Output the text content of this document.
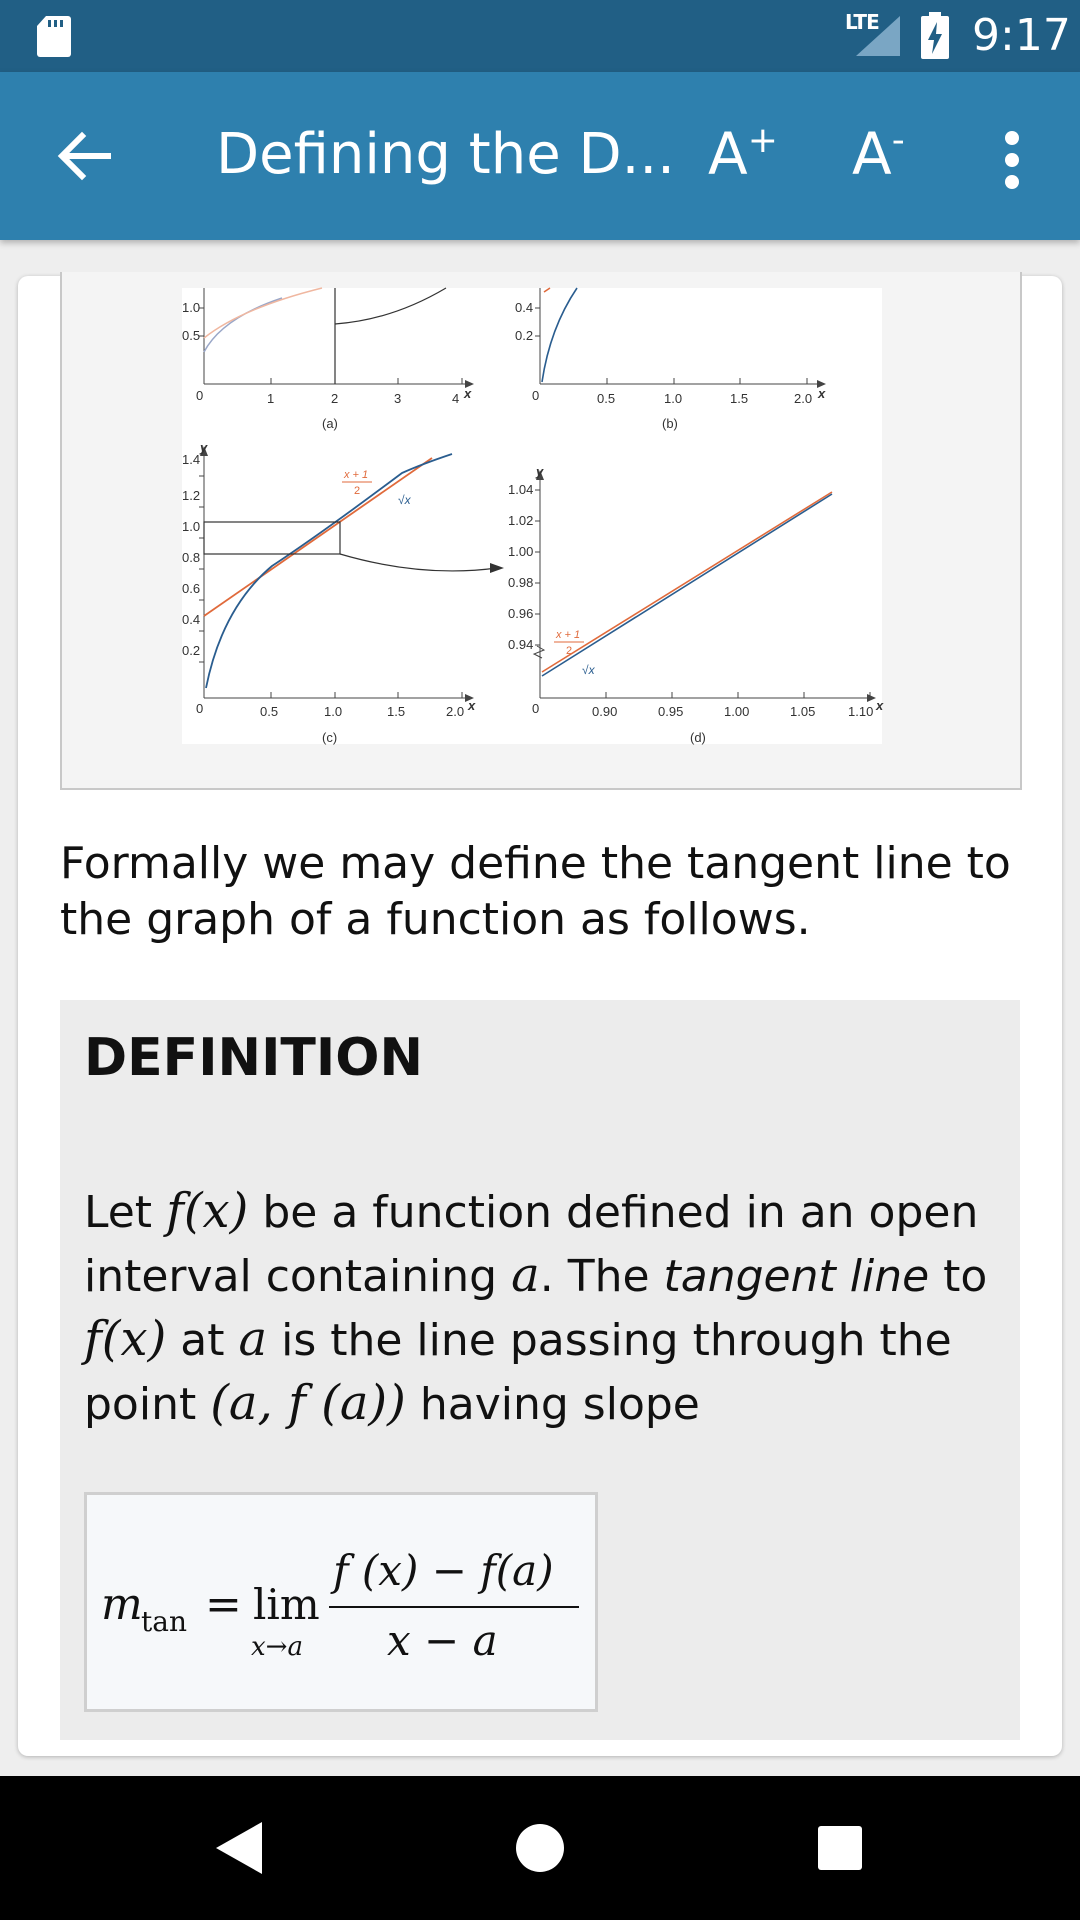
LTE 9:17
Defining the D... A+ A-
1.0
0.5
0	1	2	3	4 x
(a)
0.4
0.2
0	0.5	1.0	1.5	2.0 x
(b)
y
1.4
1.2
1.0
0.8
0.6
0.4
0.2
0	0.5	1.0	1.5	2.0 x
x + 1
2
√x
(c)
y
1.04
1.02
1.00
0.98
0.96
0.94
0	0.90	0.95	1.00	1.05	1.10 x
x + 1
2
√x
(d)
Formally we may define the tangent line to the graph of a function as follows.
DEFINITION
Let f(x) be a function defined in an open
interval containing a. The tangent line to
f(x) at a is the line passing through the
point (a, f (a)) having slope
m
tan = lim
x→a
f (x) − f(a)
x − a
